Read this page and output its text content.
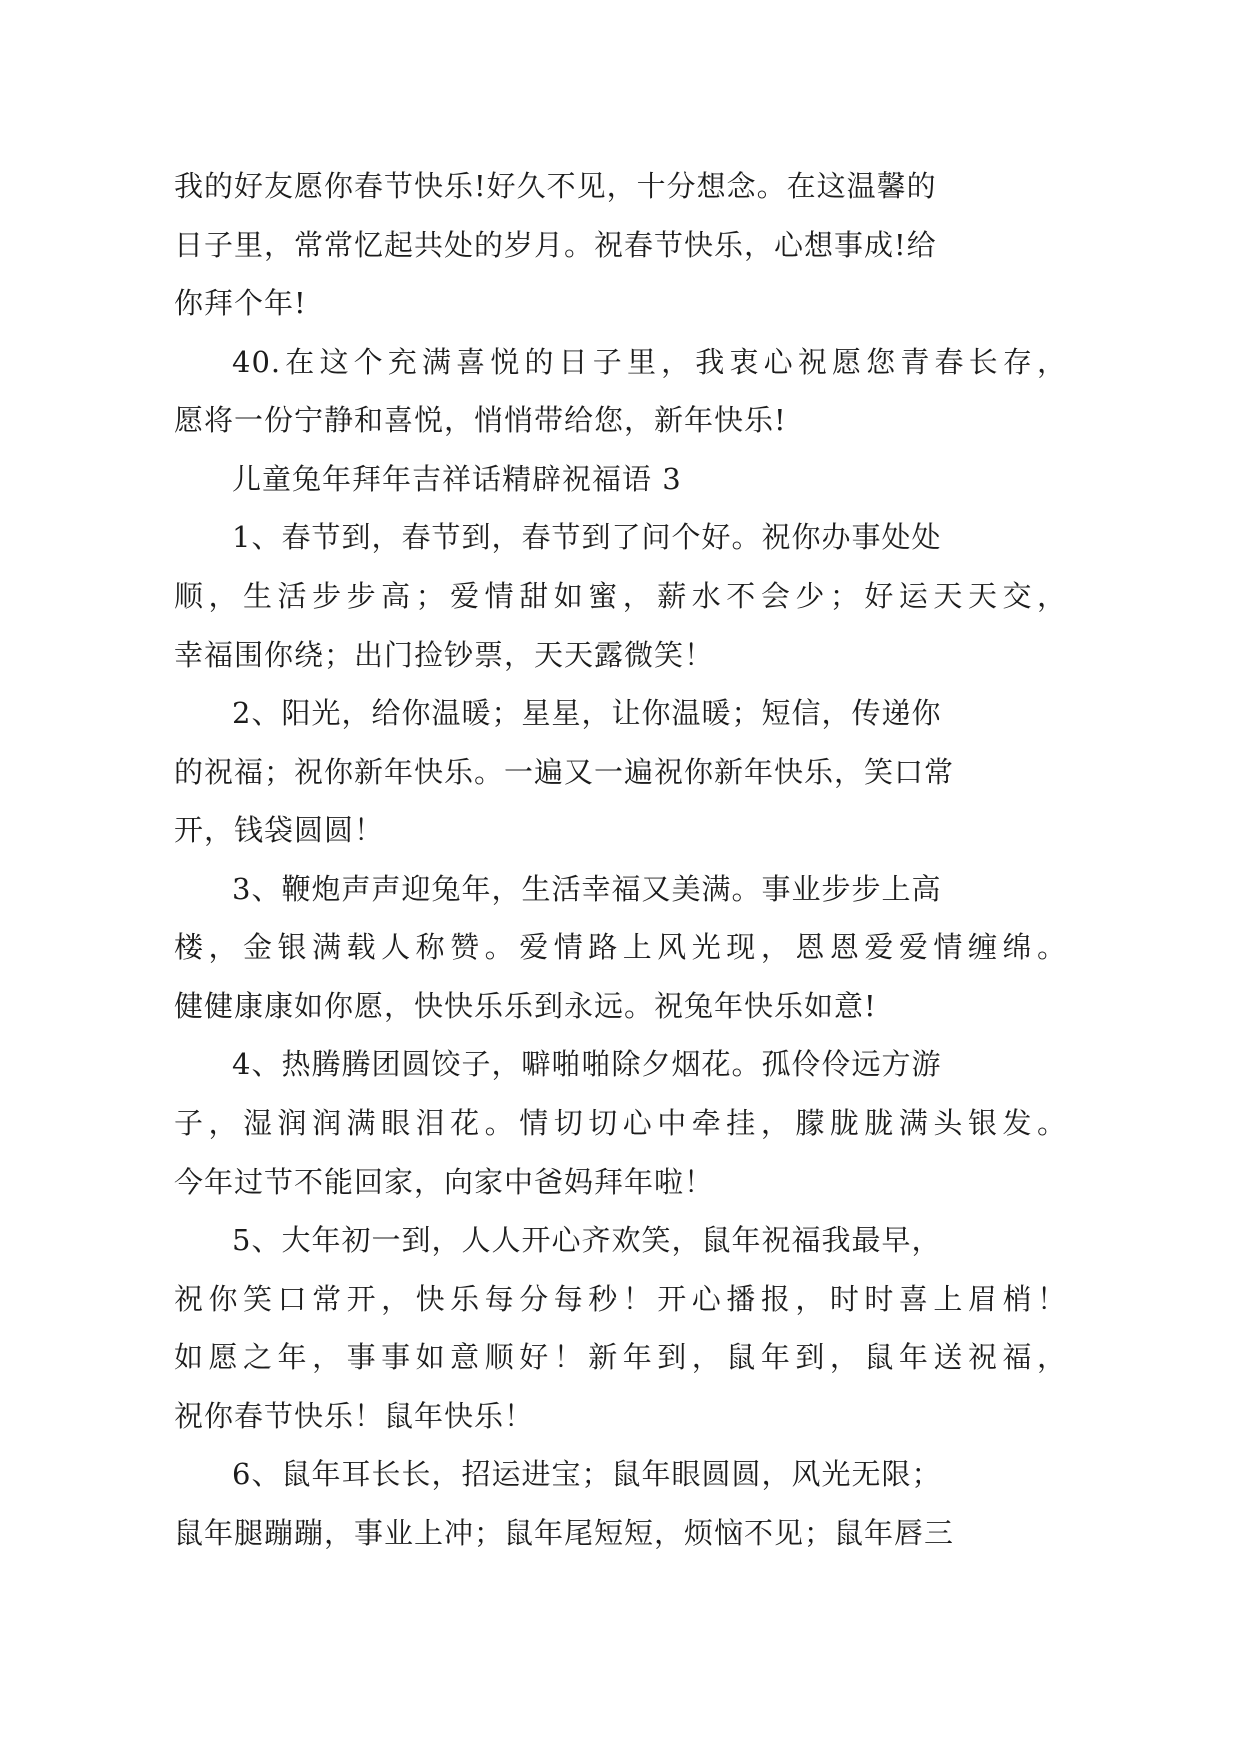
我的好友愿你春节快乐!好久不见，十分想念。在这温馨的
日子里，常常忆起共处的岁月。祝春节快乐，心想事成!给
你拜个年!
40.在这个充满喜悦的日子里，我衷心祝愿您青春长存，
愿将一份宁静和喜悦，悄悄带给您，新年快乐!
儿童兔年拜年吉祥话精辟祝福语 3
1、春节到，春节到，春节到了问个好。祝你办事处处
顺，生活步步高；爱情甜如蜜，薪水不会少；好运天天交，
幸福围你绕；出门捡钞票，天天露微笑！
2、阳光，给你温暖；星星，让你温暖；短信，传递你
的祝福；祝你新年快乐。一遍又一遍祝你新年快乐，笑口常
开，钱袋圆圆！
3、鞭炮声声迎兔年，生活幸福又美满。事业步步上高
楼，金银满载人称赞。爱情路上风光现，恩恩爱爱情缠绵。
健健康康如你愿，快快乐乐到永远。祝兔年快乐如意!
4、热腾腾团圆饺子，噼啪啪除夕烟花。孤伶伶远方游
子，湿润润满眼泪花。情切切心中牵挂，朦胧胧满头银发。
今年过节不能回家，向家中爸妈拜年啦！
5、大年初一到，人人开心齐欢笑，鼠年祝福我最早，
祝你笑口常开，快乐每分每秒！开心播报，时时喜上眉梢！
如愿之年，事事如意顺好！新年到，鼠年到，鼠年送祝福，
祝你春节快乐！鼠年快乐！
6、鼠年耳长长，招运进宝；鼠年眼圆圆，风光无限；
鼠年腿蹦蹦，事业上冲；鼠年尾短短，烦恼不见；鼠年唇三
